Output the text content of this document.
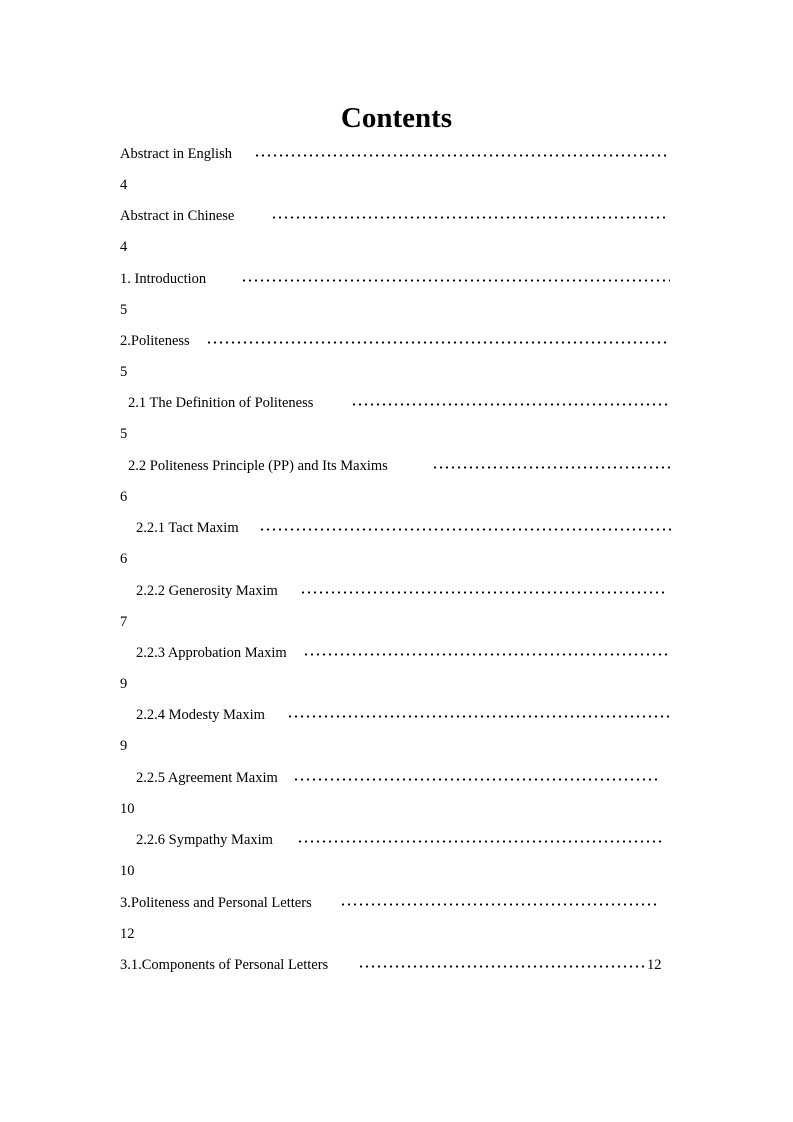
Contents
Abstract in English
4
Abstract in Chinese
4
1. Introduction
5
2.Politeness
5
2.1 The Definition of Politeness
5
2.2 Politeness Principle (PP) and Its Maxims
6
2.2.1 Tact Maxim
6
2.2.2 Generosity Maxim
7
2.2.3 Approbation Maxim
9
2.2.4 Modesty Maxim
9
2.2.5 Agreement Maxim
10
2.2.6 Sympathy Maxim
10
3.Politeness and Personal Letters
12
3.1.Components of Personal Letters	12
